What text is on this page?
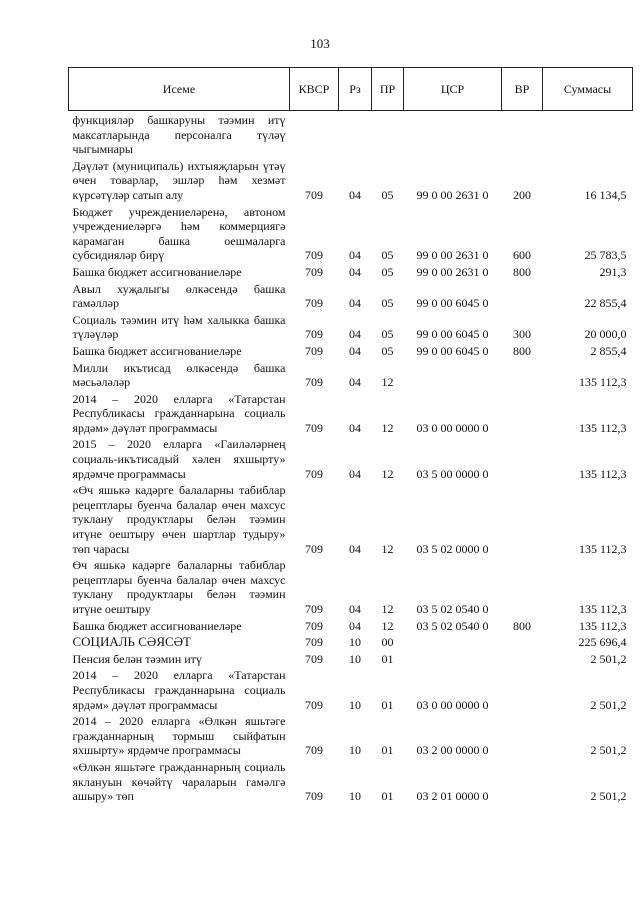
103
Исеме	КВСР	Рз	ПР	ЦСР	ВР	Суммасы
функцияләр башкаруны тәэмин итү максатларында персоналга түләү чыгымнары						
Дәүләт (муниципаль) ихтыяҗларын үтәү өчен товарлар, эшләр һәм хезмәт күрсәтүләр сатып алу	709	04	05	99 0 00 2631 0	200	16 134,5
Бюджет учреждениеләренә, автоном учреждениеләргә һәм коммерциягә карамаган башка оешмаларга субсидияләр бирү	709	04	05	99 0 00 2631 0	600	25 783,5
Башка бюджет ассигнованиеләре	709	04	05	99 0 00 2631 0	800	291,3
Авыл хуҗалыгы өлкәсендә башка гамәлләр	709	04	05	99 0 00 6045 0		22 855,4
Социаль тәэмин итү һәм халыкка башка түләүләр	709	04	05	99 0 00 6045 0	300	20 000,0
Башка бюджет ассигнованиеләре	709	04	05	99 0 00 6045 0	800	2 855,4
Милли икътисад өлкәсендә башка мәсьәләләр	709	04	12			135 112,3
2014 – 2020 елларга «Татарстан Республикасы гражданнарына социаль ярдәм» дәүләт программасы	709	04	12	03 0 00 0000 0		135 112,3
2015 – 2020 елларга «Гаиләләрнең социаль-икътисадый хәлен яхшырту» ярдәмче программасы	709	04	12	03 5 00 0000 0		135 112,3
«Өч яшькә кадәрге балаларны табиблар рецептлары буенча балалар өчен махсус туклану продуктлары белән тәэмин итүне оештыру өчен шартлар тудыру» төп чарасы	709	04	12	03 5 02 0000 0		135 112,3
Өч яшькә кадәрге балаларны табиблар рецептлары буенча балалар өчен махсус туклану продуктлары белән тәэмин итүне оештыру	709	04	12	03 5 02 0540 0		135 112,3
Башка бюджет ассигнованиеләре	709	04	12	03 5 02 0540 0	800	135 112,3
СОЦИАЛЬ СӘЯСӘТ	709	10	00			225 696,4
Пенсия белән тәэмин итү	709	10	01			2 501,2
2014 – 2020 елларга «Татарстан Республикасы гражданнарына социаль ярдәм» дәүләт программасы	709	10	01	03 0 00 0000 0		2 501,2
2014 – 2020 елларга «Өлкән яшьтәге гражданнарның тормыш сыйфатын яхшырту» ярдәмче программасы	709	10	01	03 2 00 0000 0		2 501,2
«Өлкән яшьтәге гражданнарның социаль яклануын көчәйтү чараларын гамәлгә ашыру» төп	709	10	01	03 2 01 0000 0		2 501,2
